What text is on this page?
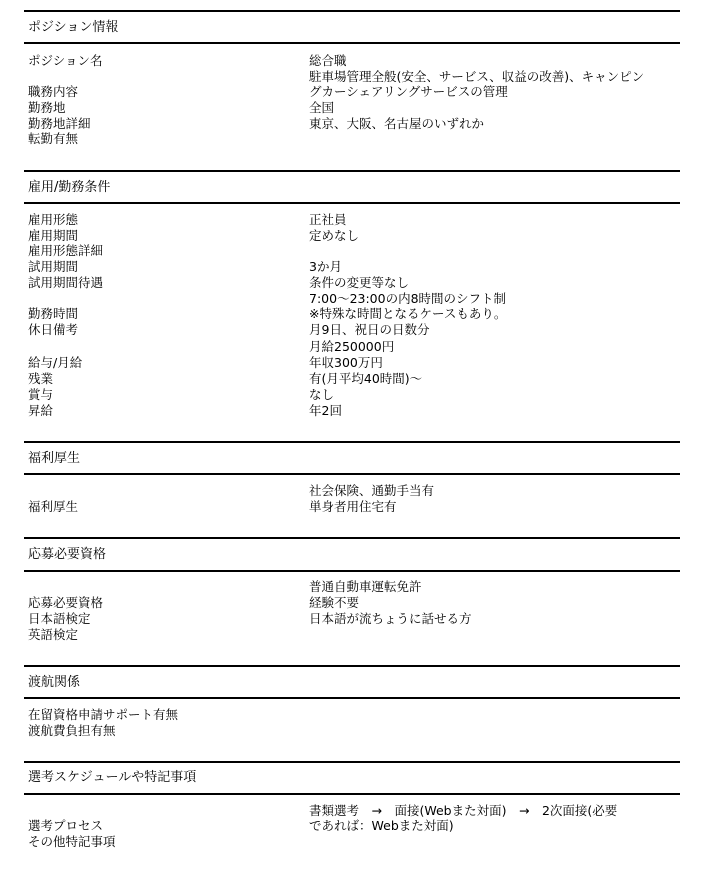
ポジション情報
ポジション名
職務内容
勤務地
勤務地詳細
転勤有無
総合職
駐車場管理全般(安全、サービス、収益の改善)、キャンピン
グカーシェアリングサービスの管理
全国
東京、大阪、名古屋のいずれか
雇用/勤務条件
雇用形態
雇用期間
雇用形態詳細
試用期間
試用期間待遇
勤務時間
休日備考
給与/月給
残業
賞与
昇給
正社員
定めなし
3か月
条件の変更等なし
7:00〜23:00の内8時間のシフト制
※特殊な時間となるケースもあり。
月9日、祝日の日数分
月給250000円
年収300万円
有(月平均40時間)〜
なし
年2回
福利厚生
福利厚生
社会保険、通勤手当有
単身者用住宅有
応募必要資格
応募必要資格
日本語検定
英語検定
普通自動車運転免許
経験不要
日本語が流ちょうに話せる方
渡航関係
在留資格申請サポート有無
渡航費負担有無
選考スケジュールや特記事項
選考プロセス
その他特記事項
書類選考　→　面接(Webまた対面)　→　2次面接(必要
であれば：Webまた対面)
